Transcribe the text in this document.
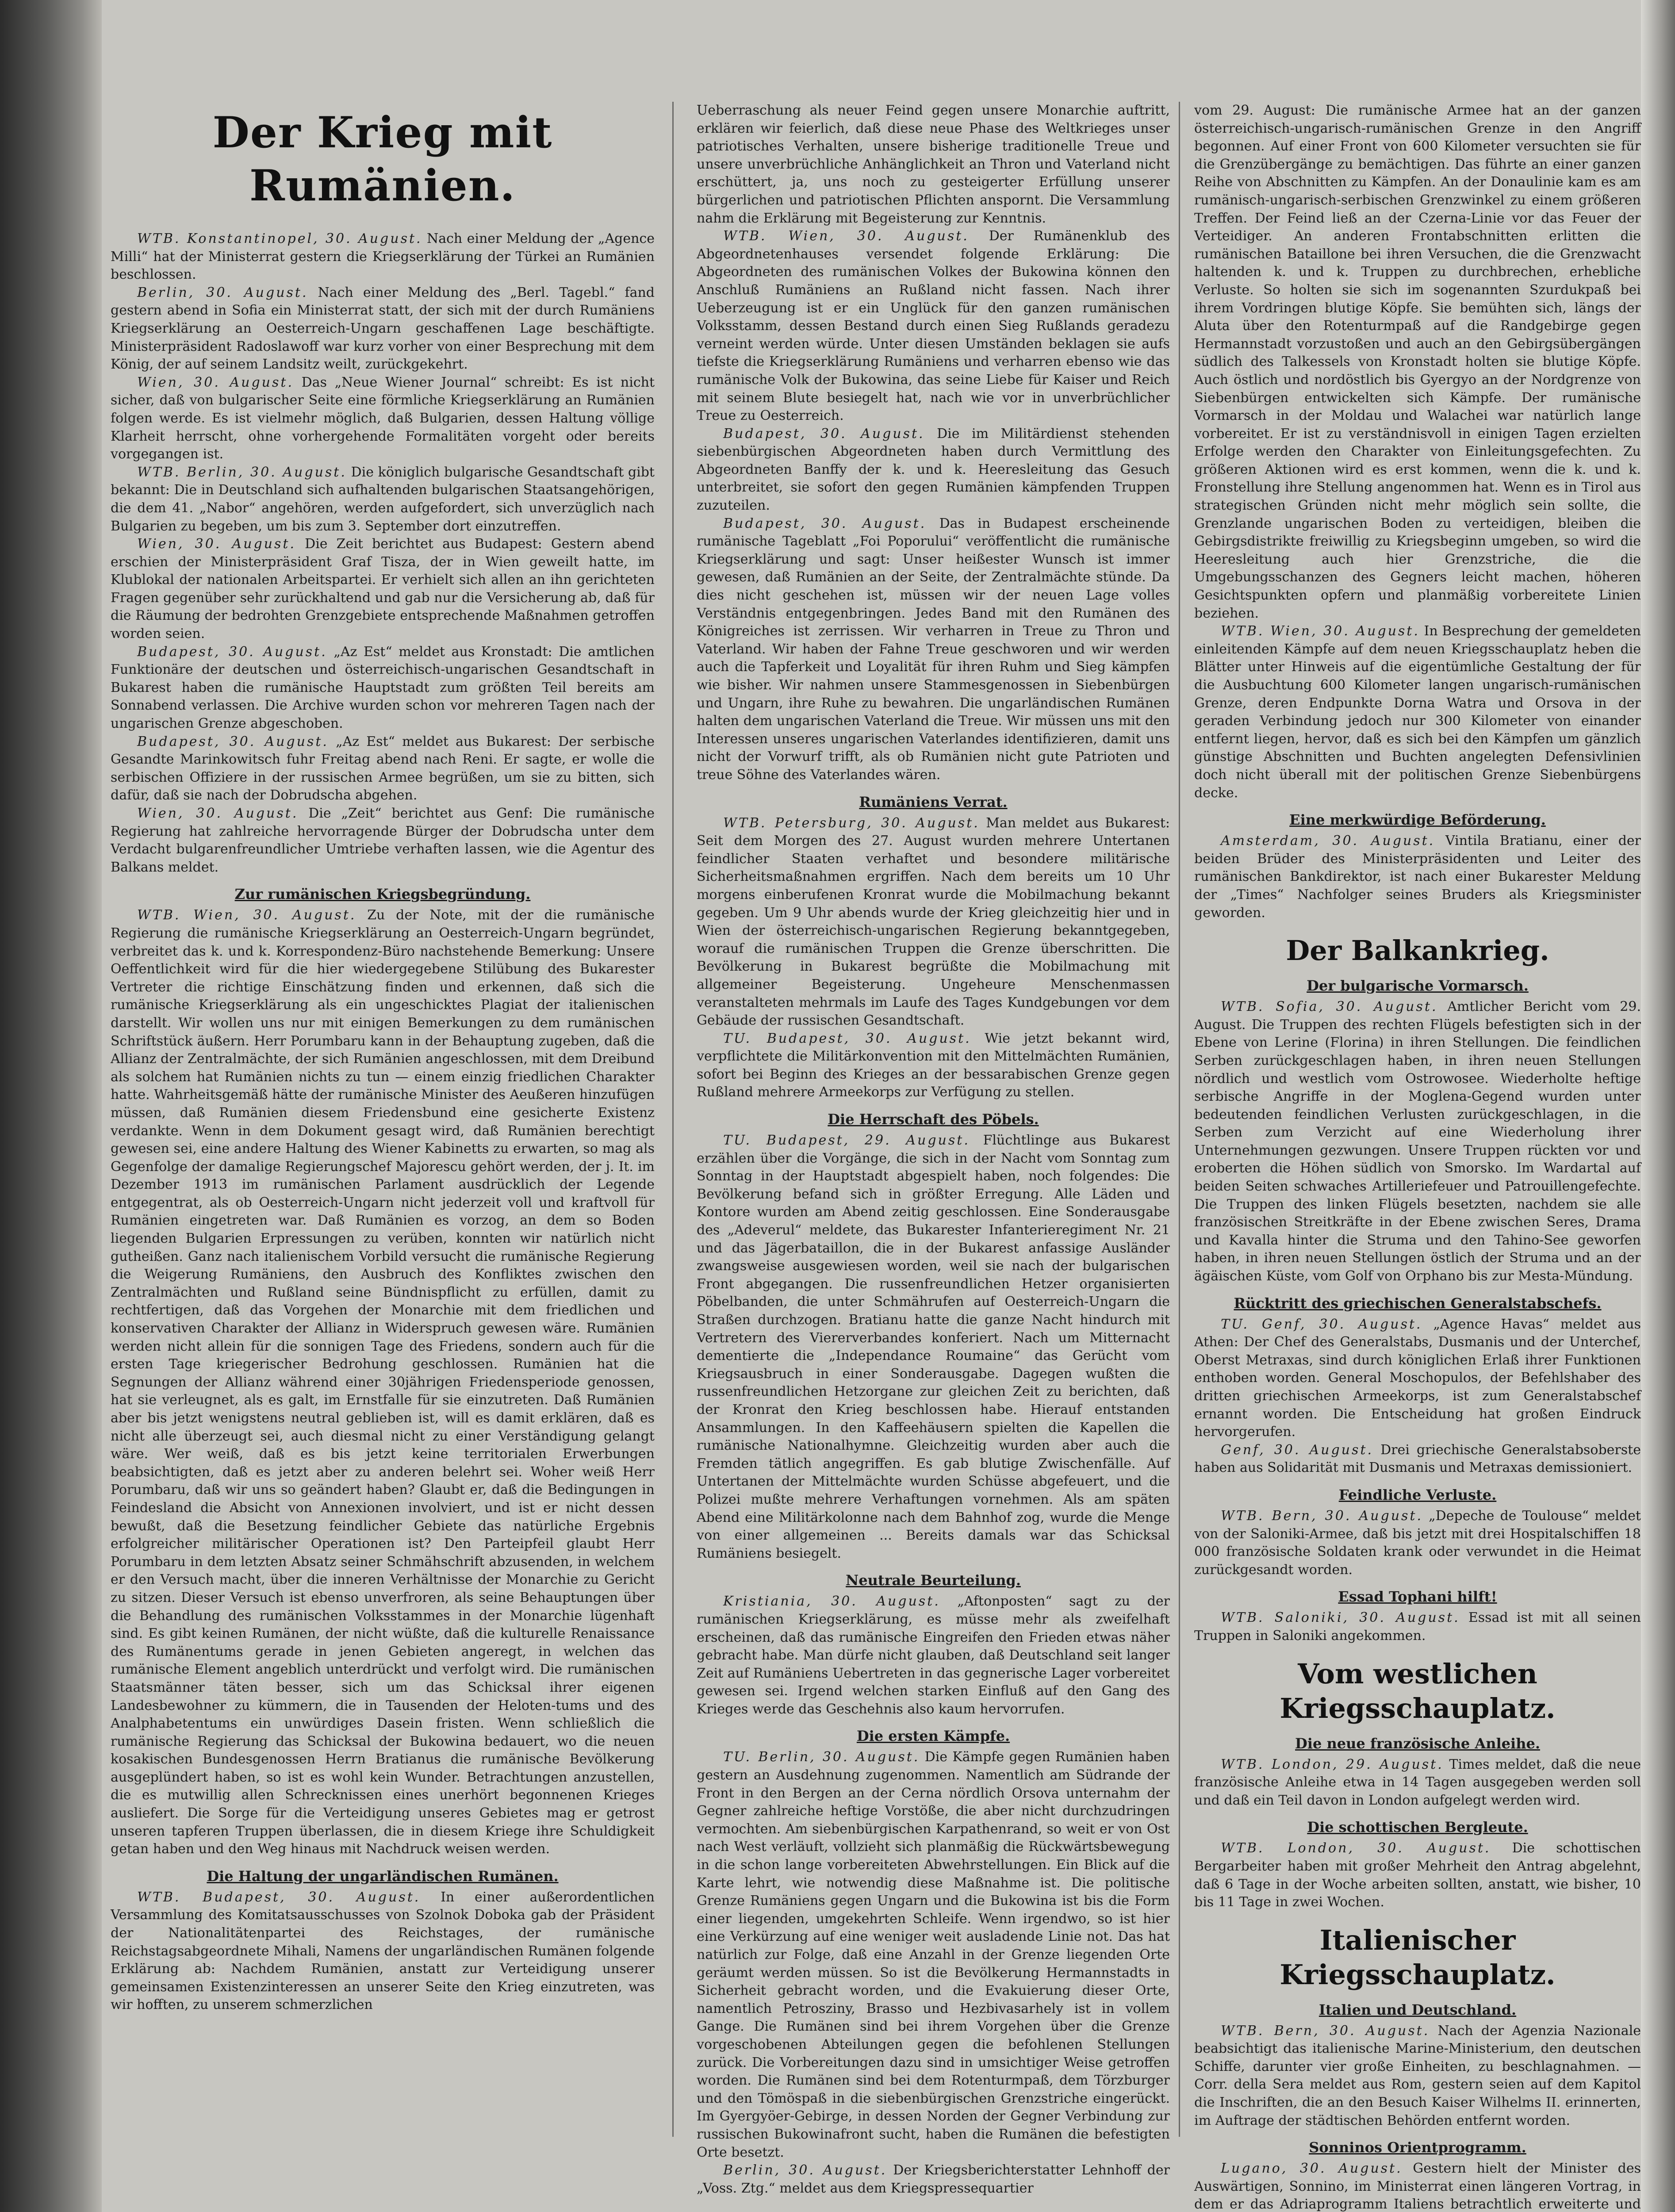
Der Krieg mit Rumänien.

WTB. Konstantinopel, 30. August. Nach einer Meldung der „Agence Milli“ hat der Ministerrat gestern die Kriegserklärung der Türkei an Rumänien beschlossen.

Berlin, 30. August. Nach einer Meldung des „Berl. Tagebl.“ fand gestern abend in Sofia ein Ministerrat statt, der sich mit der durch Rumäniens Kriegserklärung an Oesterreich-Ungarn geschaffenen Lage beschäftigte. Ministerpräsident Radoslawoff war kurz vorher von einer Besprechung mit dem König, der auf seinem Landsitz weilt, zurückgekehrt.

Wien, 30. August. Das „Neue Wiener Journal“ schreibt: Es ist nicht sicher, daß von bulgarischer Seite eine förmliche Kriegserklärung an Rumänien folgen werde. Es ist vielmehr möglich, daß Bulgarien, dessen Haltung völlige Klarheit herrscht, ohne vorhergehende Formalitäten vorgeht oder bereits vorgegangen ist.

WTB. Berlin, 30. August. Die königlich bulgarische Gesandtschaft gibt bekannt: Die in Deutschland sich aufhaltenden bulgarischen Staatsangehörigen, die dem 41. „Nabor“ angehören, werden aufgefordert, sich unverzüglich nach Bulgarien zu begeben, um bis zum 3. September dort einzutreffen.

Wien, 30. August. Die Zeit berichtet aus Budapest: Gestern abend erschien der Ministerpräsident Graf Tisza, der in Wien geweilt hatte, im Klublokal der nationalen Arbeitspartei. Er verhielt sich allen an ihn gerichteten Fragen gegenüber sehr zurückhaltend und gab nur die Versicherung ab, daß für die Räumung der bedrohten Grenzgebiete entsprechende Maßnahmen getroffen worden seien.

Budapest, 30. August. „Az Est“ meldet aus Kronstadt: Die amtlichen Funktionäre der deutschen und österreichisch-ungarischen Gesandtschaft in Bukarest haben die rumänische Hauptstadt zum größten Teil bereits am Sonnabend verlassen. Die Archive wurden schon vor mehreren Tagen nach der ungarischen Grenze abgeschoben.

Budapest, 30. August. „Az Est“ meldet aus Bukarest: Der serbische Gesandte Marinkowitsch fuhr Freitag abend nach Reni. Er sagte, er wolle die serbischen Offiziere in der russischen Armee begrüßen, um sie zu bitten, sich dafür, daß sie nach der Dobrudscha abgehen.

Wien, 30. August. Die „Zeit“ berichtet aus Genf: Die rumänische Regierung hat zahlreiche hervorragende Bürger der Dobrudscha unter dem Verdacht bulgarenfreundlicher Umtriebe verhaften lassen, wie die Agentur des Balkans meldet.

Zur rumänischen Kriegsbegründung.

WTB. Wien, 30. August. Zu der Note, mit der die rumänische Regierung die rumänische Kriegserklärung an Oesterreich-Ungarn begründet, verbreitet das k. und k. Korrespondenz-Büro nachstehende Bemerkung: Unsere Oeffentlichkeit wird für die hier wiedergegebene Stilübung des Bukarester Vertreter die richtige Einschätzung finden und erkennen, daß sich die rumänische Kriegserklärung als ein ungeschicktes Plagiat der italienischen darstellt. Wir wollen uns nur mit einigen Bemerkungen zu dem rumänischen Schriftstück äußern. Herr Porumbaru kann in der Behauptung zugeben, daß die Allianz der Zentralmächte, der sich Rumänien angeschlossen, mit dem Dreibund als solchem hat Rumänien nichts zu tun — einem einzig friedlichen Charakter hatte. Wahrheitsgemäß hätte der rumänische Minister des Aeußeren hinzufügen müssen, daß Rumänien diesem Friedensbund eine gesicherte Existenz verdankte. Wenn in dem Dokument gesagt wird, daß Rumänien berechtigt gewesen sei, eine andere Haltung des Wiener Kabinetts zu erwarten, so mag als Gegenfolge der damalige Regierungschef Majorescu gehört werden, der j. It. im Dezember 1913 im rumänischen Parlament ausdrücklich der Legende entgegentrat, als ob Oesterreich-Ungarn nicht jederzeit voll und kraftvoll für Rumänien eingetreten war. Daß Rumänien es vorzog, an dem so Boden liegenden Bulgarien Erpressungen zu verüben, konnten wir natürlich nicht gutheißen. Ganz nach italienischem Vorbild versucht die rumänische Regierung die Weigerung Rumäniens, den Ausbruch des Konfliktes zwischen den Zentralmächten und Rußland seine Bündnispflicht zu erfüllen, damit zu rechtfertigen, daß das Vorgehen der Monarchie mit dem friedlichen und konservativen Charakter der Allianz in Widerspruch gewesen wäre. Rumänien werden nicht allein für die sonnigen Tage des Friedens, sondern auch für die ersten Tage kriegerischer Bedrohung geschlossen. Rumänien hat die Segnungen der Allianz während einer 30jährigen Friedensperiode genossen, hat sie verleugnet, als es galt, im Ernstfalle für sie einzutreten. Daß Rumänien aber bis jetzt wenigstens neutral geblieben ist, will es damit erklären, daß es nicht alle überzeugt sei, auch diesmal nicht zu einer Verständigung gelangt wäre. Wer weiß, daß es bis jetzt keine territorialen Erwerbungen beabsichtigten, daß es jetzt aber zu anderen belehrt sei. Woher weiß Herr Porumbaru, daß wir uns so geändert haben? Glaubt er, daß die Bedingungen in Feindesland die Absicht von Annexionen involviert, und ist er nicht dessen bewußt, daß die Besetzung feindlicher Gebiete das natürliche Ergebnis erfolgreicher militärischer Operationen ist? Den Parteipfeil glaubt Herr Porumbaru in dem letzten Absatz seiner Schmähschrift abzusenden, in welchem er den Versuch macht, über die inneren Verhältnisse der Monarchie zu Gericht zu sitzen. Dieser Versuch ist ebenso unverfroren, als seine Behauptungen über die Behandlung des rumänischen Volksstammes in der Monarchie lügenhaft sind. Es gibt keinen Rumänen, der nicht wüßte, daß die kulturelle Renaissance des Rumänentums gerade in jenen Gebieten angeregt, in welchen das rumänische Element angeblich unterdrückt und verfolgt wird. Die rumänischen Staatsmänner täten besser, sich um das Schicksal ihrer eigenen Landesbewohner zu kümmern, die in Tausenden der Heloten-tums und des Analphabetentums ein unwürdiges Dasein fristen. Wenn schließlich die rumänische Regierung das Schicksal der Bukowina bedauert, wo die neuen kosakischen Bundesgenossen Herrn Bratianus die rumänische Bevölkerung ausgeplündert haben, so ist es wohl kein Wunder. Betrachtungen anzustellen, die es mutwillig allen Schrecknissen eines unerhört begonnenen Krieges ausliefert. Die Sorge für die Verteidigung unseres Gebietes mag er getrost unseren tapferen Truppen überlassen, die in diesem Kriege ihre Schuldigkeit getan haben und den Weg hinaus mit Nachdruck weisen werden.

Die Haltung der ungarländischen Rumänen.

WTB. Budapest, 30. August. In einer außerordentlichen Versammlung des Komitatsausschusses von Szolnok Doboka gab der Präsident der Nationalitätenpartei des Reichstages, der rumänische Reichstagsabgeordnete Mihali, Namens der ungarländischen Rumänen folgende Erklärung ab: Nachdem Rumänien, anstatt zur Verteidigung unserer gemeinsamen Existenzinteressen an unserer Seite den Krieg einzutreten, was wir hofften, zu unserem schmerzlichen

Ueberraschung als neuer Feind gegen unsere Monarchie auftritt, erklären wir feierlich, daß diese neue Phase des Weltkrieges unser patriotisches Verhalten, unsere bisherige traditionelle Treue und unsere unverbrüchliche Anhänglichkeit an Thron und Vaterland nicht erschüttert, ja, uns noch zu gesteigerter Erfüllung unserer bürgerlichen und patriotischen Pflichten anspornt. Die Versammlung nahm die Erklärung mit Begeisterung zur Kenntnis.

WTB. Wien, 30. August. Der Rumänenklub des Abgeordnetenhauses versendet folgende Erklärung: Die Abgeordneten des rumänischen Volkes der Bukowina können den Anschluß Rumäniens an Rußland nicht fassen. Nach ihrer Ueberzeugung ist er ein Unglück für den ganzen rumänischen Volksstamm, dessen Bestand durch einen Sieg Rußlands geradezu verneint werden würde. Unter diesen Umständen beklagen sie aufs tiefste die Kriegserklärung Rumäniens und verharren ebenso wie das rumänische Volk der Bukowina, das seine Liebe für Kaiser und Reich mit seinem Blute besiegelt hat, nach wie vor in unverbrüchlicher Treue zu Oesterreich.

Budapest, 30. August. Die im Militärdienst stehenden siebenbürgischen Abgeordneten haben durch Vermittlung des Abgeordneten Banffy der k. und k. Heeresleitung das Gesuch unterbreitet, sie sofort den gegen Rumänien kämpfenden Truppen zuzuteilen.

Budapest, 30. August. Das in Budapest erscheinende rumänische Tageblatt „Foi Poporului“ veröffentlicht die rumänische Kriegserklärung und sagt: Unser heißester Wunsch ist immer gewesen, daß Rumänien an der Seite, der Zentralmächte stünde. Da dies nicht geschehen ist, müssen wir der neuen Lage volles Verständnis entgegenbringen. Jedes Band mit den Rumänen des Königreiches ist zerrissen. Wir verharren in Treue zu Thron und Vaterland. Wir haben der Fahne Treue geschworen und wir werden auch die Tapferkeit und Loyalität für ihren Ruhm und Sieg kämpfen wie bisher. Wir nahmen unsere Stammesgenossen in Siebenbürgen und Ungarn, ihre Ruhe zu bewahren. Die ungarländischen Rumänen halten dem ungarischen Vaterland die Treue. Wir müssen uns mit den Interessen unseres ungarischen Vaterlandes identifizieren, damit uns nicht der Vorwurf trifft, als ob Rumänien nicht gute Patrioten und treue Söhne des Vaterlandes wären.

Rumäniens Verrat.

WTB. Petersburg, 30. August. Man meldet aus Bukarest: Seit dem Morgen des 27. August wurden mehrere Untertanen feindlicher Staaten verhaftet und besondere militärische Sicherheitsmaßnahmen ergriffen. Nach dem bereits um 10 Uhr morgens einberufenen Kronrat wurde die Mobilmachung bekannt gegeben. Um 9 Uhr abends wurde der Krieg gleichzeitig hier und in Wien der österreichisch-ungarischen Regierung bekanntgegeben, worauf die rumänischen Truppen die Grenze überschritten. Die Bevölkerung in Bukarest begrüßte die Mobilmachung mit allgemeiner Begeisterung. Ungeheure Menschenmassen veranstalteten mehrmals im Laufe des Tages Kundgebungen vor dem Gebäude der russischen Gesandtschaft.

TU. Budapest, 30. August. Wie jetzt bekannt wird, verpflichtete die Militärkonvention mit den Mittelmächten Rumänien, sofort bei Beginn des Krieges an der bessarabischen Grenze gegen Rußland mehrere Armeekorps zur Verfügung zu stellen.

Die Herrschaft des Pöbels.

TU. Budapest, 29. August. Flüchtlinge aus Bukarest erzählen über die Vorgänge, die sich in der Nacht vom Sonntag zum Sonntag in der Hauptstadt abgespielt haben, noch folgendes: Die Bevölkerung befand sich in größter Erregung. Alle Läden und Kontore wurden am Abend zeitig geschlossen. Eine Sonderausgabe des „Adeverul“ meldete, das Bukarester Infanterieregiment Nr. 21 und das Jägerbataillon, die in der Bukarest anfassige Ausländer zwangsweise ausgewiesen worden, weil sie nach der bulgarischen Front abgegangen. Die russenfreundlichen Hetzer organisierten Pöbelbanden, die unter Schmährufen auf Oesterreich-Ungarn die Straßen durchzogen. Bratianu hatte die ganze Nacht hindurch mit Vertretern des Viererverbandes konferiert. Nach um Mitternacht dementierte die „Independance Roumaine“ das Gerücht vom Kriegsausbruch in einer Sonderausgabe. Dagegen wußten die russenfreundlichen Hetzorgane zur gleichen Zeit zu berichten, daß der Kronrat den Krieg beschlossen habe. Hierauf entstanden Ansammlungen. In den Kaffeehäusern spielten die Kapellen die rumänische Nationalhymne. Gleichzeitig wurden aber auch die Fremden tätlich angegriffen. Es gab blutige Zwischenfälle. Auf Untertanen der Mittelmächte wurden Schüsse abgefeuert, und die Polizei mußte mehrere Verhaftungen vornehmen. Als am späten Abend eine Militärkolonne nach dem Bahnhof zog, wurde die Menge von einer allgemeinen ... Bereits damals war das Schicksal Rumäniens besiegelt.

Neutrale Beurteilung.

Kristiania, 30. August. „Aftonposten“ sagt zu der rumänischen Kriegserklärung, es müsse mehr als zweifelhaft erscheinen, daß das rumänische Eingreifen den Frieden etwas näher gebracht habe. Man dürfe nicht glauben, daß Deutschland seit langer Zeit auf Rumäniens Uebertreten in das gegnerische Lager vorbereitet gewesen sei. Irgend welchen starken Einfluß auf den Gang des Krieges werde das Geschehnis also kaum hervorrufen.

Die ersten Kämpfe.

TU. Berlin, 30. August. Die Kämpfe gegen Rumänien haben gestern an Ausdehnung zugenommen. Namentlich am Südrande der Front in den Bergen an der Cerna nördlich Orsova unternahm der Gegner zahlreiche heftige Vorstöße, die aber nicht durchzudringen vermochten. Am siebenbürgischen Karpathenrand, so weit er von Ost nach West verläuft, vollzieht sich planmäßig die Rückwärtsbewegung in die schon lange vorbereiteten Abwehrstellungen. Ein Blick auf die Karte lehrt, wie notwendig diese Maßnahme ist. Die politische Grenze Rumäniens gegen Ungarn und die Bukowina ist bis die Form einer liegenden, umgekehrten Schleife. Wenn irgendwo, so ist hier eine Verkürzung auf eine weniger weit ausladende Linie not. Das hat natürlich zur Folge, daß eine Anzahl in der Grenze liegenden Orte geräumt werden müssen. So ist die Bevölkerung Hermannstadts in Sicherheit gebracht worden, und die Evakuierung dieser Orte, namentlich Petrosziny, Brasso und Hezbivasarhely ist in vollem Gange. Die Rumänen sind bei ihrem Vorgehen über die Grenze vorgeschobenen Abteilungen gegen die befohlenen Stellungen zurück. Die Vorbereitungen dazu sind in umsichtiger Weise getroffen worden. Die Rumänen sind bei dem Rotenturmpaß, dem Törzburger und den Tömöspaß in die siebenbürgischen Grenzstriche eingerückt. Im Gyergyöer-Gebirge, in dessen Norden der Gegner Verbindung zur russischen Bukowinafront sucht, haben die Rumänen die befestigten Orte besetzt.

Berlin, 30. August. Der Kriegsberichterstatter Lehnhoff der „Voss. Ztg.“ meldet aus dem Kriegspressequartier

vom 29. August: Die rumänische Armee hat an der ganzen österreichisch-ungarisch-rumänischen Grenze in den Angriff begonnen. Auf einer Front von 600 Kilometer versuchten sie für die Grenzübergänge zu bemächtigen. Das führte an einer ganzen Reihe von Abschnitten zu Kämpfen. An der Donaulinie kam es am rumänisch-ungarisch-serbischen Grenzwinkel zu einem größeren Treffen. Der Feind ließ an der Czerna-Linie vor das Feuer der Verteidiger. An anderen Frontabschnitten erlitten die rumänischen Bataillone bei ihren Versuchen, die die Grenzwacht haltenden k. und k. Truppen zu durchbrechen, erhebliche Verluste. So holten sie sich im sogenannten Szurdukpaß bei ihrem Vordringen blutige Köpfe. Sie bemühten sich, längs der Aluta über den Rotenturmpaß auf die Randgebirge gegen Hermannstadt vorzustoßen und auch an den Gebirgsübergängen südlich des Talkessels von Kronstadt holten sie blutige Köpfe. Auch östlich und nordöstlich bis Gyergyo an der Nordgrenze von Siebenbürgen entwickelten sich Kämpfe. Der rumänische Vormarsch in der Moldau und Walachei war natürlich lange vorbereitet. Er ist zu verständnisvoll in einigen Tagen erzielten Erfolge werden den Charakter von Einleitungsgefechten. Zu größeren Aktionen wird es erst kommen, wenn die k. und k. Fronstellung ihre Stellung angenommen hat. Wenn es in Tirol aus strategischen Gründen nicht mehr möglich sein sollte, die Grenzlande ungarischen Boden zu verteidigen, bleiben die Gebirgsdistrikte freiwillig zu Kriegsbeginn umgeben, so wird die Heeresleitung auch hier Grenzstriche, die die Umgebungsschanzen des Gegners leicht machen, höheren Gesichtspunkten opfern und planmäßig vorbereitete Linien beziehen.

WTB. Wien, 30. August. In Besprechung der gemeldeten einleitenden Kämpfe auf dem neuen Kriegsschauplatz heben die Blätter unter Hinweis auf die eigentümliche Gestaltung der für die Ausbuchtung 600 Kilometer langen ungarisch-rumänischen Grenze, deren Endpunkte Dorna Watra und Orsova in der geraden Verbindung jedoch nur 300 Kilometer von einander entfernt liegen, hervor, daß es sich bei den Kämpfen um gänzlich günstige Abschnitten und Buchten angelegten Defensivlinien doch nicht überall mit der politischen Grenze Siebenbürgens decke.

Eine merkwürdige Beförderung.

Amsterdam, 30. August. Vintila Bratianu, einer der beiden Brüder des Ministerpräsidenten und Leiter des rumänischen Bankdirektor, ist nach einer Bukarester Meldung der „Times“ Nachfolger seines Bruders als Kriegsminister geworden.

Der Balkankrieg.
Der bulgarische Vormarsch.

WTB. Sofia, 30. August. Amtlicher Bericht vom 29. August. Die Truppen des rechten Flügels befestigten sich in der Ebene von Lerine (Florina) in ihren Stellungen. Die feindlichen Serben zurückgeschlagen haben, in ihren neuen Stellungen nördlich und westlich vom Ostrowosee. Wiederholte heftige serbische Angriffe in der Moglena-Gegend wurden unter bedeutenden feindlichen Verlusten zurückgeschlagen, in die Serben zum Verzicht auf eine Wiederholung ihrer Unternehmungen gezwungen. Unsere Truppen rückten vor und eroberten die Höhen südlich von Smorsko. Im Wardartal auf beiden Seiten schwaches Artilleriefeuer und Patrouillengefechte. Die Truppen des linken Flügels besetzten, nachdem sie alle französischen Streitkräfte in der Ebene zwischen Seres, Drama und Kavalla hinter die Struma und den Tahino-See geworfen haben, in ihren neuen Stellungen östlich der Struma und an der ägäischen Küste, vom Golf von Orphano bis zur Mesta-Mündung.

Rücktritt des griechischen Generalstabschefs.

TU. Genf, 30. August. „Agence Havas“ meldet aus Athen: Der Chef des Generalstabs, Dusmanis und der Unterchef, Oberst Metraxas, sind durch königlichen Erlaß ihrer Funktionen enthoben worden. General Moschopulos, der Befehlshaber des dritten griechischen Armeekorps, ist zum Generalstabschef ernannt worden. Die Entscheidung hat großen Eindruck hervorgerufen.

Genf, 30. August. Drei griechische Generalstabsoberste haben aus Solidarität mit Dusmanis und Metraxas demissioniert.

Feindliche Verluste.

WTB. Bern, 30. August. „Depeche de Toulouse“ meldet von der Saloniki-Armee, daß bis jetzt mit drei Hospitalschiffen 18 000 französische Soldaten krank oder verwundet in die Heimat zurückgesandt worden.

Essad Tophani hilft!

WTB. Saloniki, 30. August. Essad ist mit all seinen Truppen in Saloniki angekommen.

Vom westlichen Kriegsschauplatz.
Die neue französische Anleihe.

WTB. London, 29. August. Times meldet, daß die neue französische Anleihe etwa in 14 Tagen ausgegeben werden soll und daß ein Teil davon in London aufgelegt werden wird.

Die schottischen Bergleute.

WTB. London, 30. August. Die schottischen Bergarbeiter haben mit großer Mehrheit den Antrag abgelehnt, daß 6 Tage in der Woche arbeiten sollten, anstatt, wie bisher, 10 bis 11 Tage in zwei Wochen.

Italienischer Kriegsschauplatz.
Italien und Deutschland.

WTB. Bern, 30. August. Nach der Agenzia Nazionale beabsichtigt das italienische Marine-Ministerium, den deutschen Schiffe, darunter vier große Einheiten, zu beschlagnahmen. — Corr. della Sera meldet aus Rom, gestern seien auf dem Kapitol die Inschriften, die an den Besuch Kaiser Wilhelms II. erinnerten, im Auftrage der städtischen Behörden entfernt worden.

Sonninos Orientprogramm.

Lugano, 30. August. Gestern hielt der Minister des Auswärtigen, Sonnino, im Ministerrat einen längeren Vortrag, in dem er das Adriaprogramm Italiens betrachtlich erweiterte und
